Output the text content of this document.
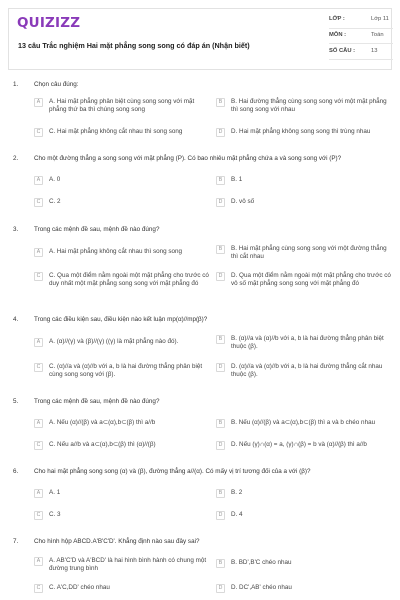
QUIZIZZ
13 câu Trắc nghiệm Hai mặt phẳng song song có đáp án (Nhận biết)
LỚP :	Lớp 11
MÔN :	Toán
SỐ CÂU :	13
1. Chọn câu đúng:
A	A. Hai mặt phẳng phân biệt cùng song song với mặt phẳng thứ ba thì chúng song song
B	B. Hai đường thẳng cùng song song với một mặt phẳng thì song song với nhau
C	C. Hai mặt phẳng không cắt nhau thì song song	D	D. Hai mặt phẳng không song song thì trùng nhau
2. Cho một đường thẳng a song song với mặt phẳng (P). Có bao nhiêu mặt phẳng chứa a và song song với (P)?
A	A. 0	B	B. 1
C	C. 2	D	D. vô số
3. Trong các mệnh đề sau, mệnh đề nào đúng?
A	A. Hai mặt phẳng không cắt nhau thì song song	B	B. Hai mặt phẳng cùng song song với một đường thẳng thì cắt nhau
C	C. Qua một điểm nằm ngoài một mặt phẳng cho trước có duy nhất một mặt phẳng song song với mặt phẳng đó
D	D. Qua một điểm nằm ngoài một mặt phẳng cho trước có vô số mặt phẳng song song với mặt phẳng đó
4. Trong các điều kiện sau, điều kiện nào kết luận mp(α)//mp(β)?
A	A. (α)//(γ) và (β)//(γ) ((γ) là mặt phẳng nào đó).	B	B. (α)//a và (α)//b với a, b là hai đường thẳng phân biệt thuộc (β).
C	C. (α)//a và (α)//b với a, b là hai đường thẳng phân biệt cùng song song với (β).
D	D. (α)//a và (α)//b với a, b là hai đường thẳng cắt nhau thuộc (β).
5. Trong các mệnh đề sau, mệnh đề nào đúng?
A	A. Nếu (α)//(β) và a⊂(α),b⊂(β) thì a//b	B	B. Nếu (α)//(β) và a⊂(α),b⊂(β) thì a và b chéo nhau
C	C. Nếu a//b và a⊂(α),b⊂(β) thì (α)//(β)	D	D. Nếu (γ)∩(α) = a, (γ)∩(β) = b và (α)//(β) thì a//b
6. Cho hai mặt phẳng song song (α) và (β), đường thẳng a//(α). Có mấy vị trí tương đối của a với (β)?
A	A. 1	B	B. 2
C	C. 3	D	D. 4
7. Cho hình hộp ABCD.A'B'C'D'. Khẳng định nào sau đây sai?
A	A. AB'C'D và A'BCD' là hai hình bình hành có chung một đường trung bình
B	B. BD',B'C chéo nhau
C	C. A'C,DD' chéo nhau	D	D. DC',AB' chéo nhau
